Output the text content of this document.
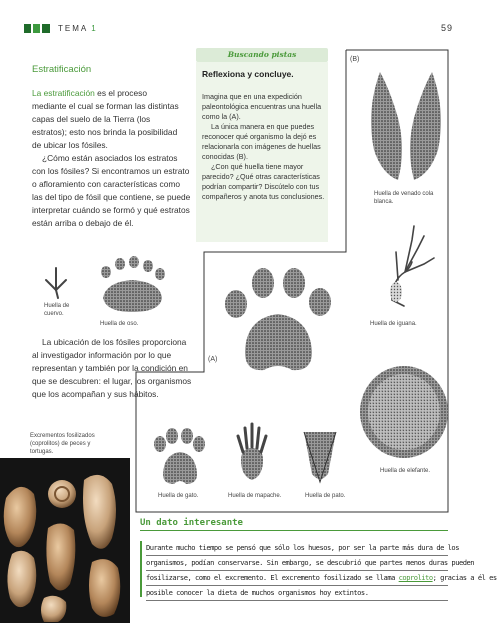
TEMA 1	59
Estratificación
La estratificación es el proceso mediante el cual se forman las distintas capas del suelo de la Tierra (los estratos); esto nos brinda la posibilidad de ubicar los fósiles.
¿Cómo están asociados los estratos con los fósiles? Si encontramos un estrato o afloramiento con características como las del tipo de fósil que contiene, se puede interpretar cuándo se formó y qué estratos están arriba o debajo de él.
La ubicación de los fósiles proporciona al investigador información por lo que representan y también por la condición en que se descubren: el lugar, los organismos que los acompañan y sus hábitos.
Buscando pistas
Reflexiona y concluye.

Imagina que en una expedición paleontológica encuentras una huella como la (A).

La única manera en que puedes reconocer qué organismo la dejó es relacionarla con imágenes de huellas conocidas (B).

¿Con qué huella tiene mayor parecido? ¿Qué otras características podrían compartir? Discútelo con tus compañeros y anota tus conclusiones.

(B)
(A)
Huella de cuervo.
Huella de oso.
Huella de venado cola blanca.
Huella de iguana.
Huella de elefante.
Huella de gato.	Huella de mapache.	Huella de pato.
Excrementos fosilizados (coprolitos) de peces y tortugas.
Un dato interesante
Durante mucho tiempo se pensó que sólo los huesos, por ser la parte más dura de los
organismos, podían conservarse. Sin embargo, se descubrió que partes menos duras pueden
fosilizarse, como el excremento. El excremento fosilizado se llama coprolito; gracias a él es
posible conocer la dieta de muchos organismos hoy extintos.
